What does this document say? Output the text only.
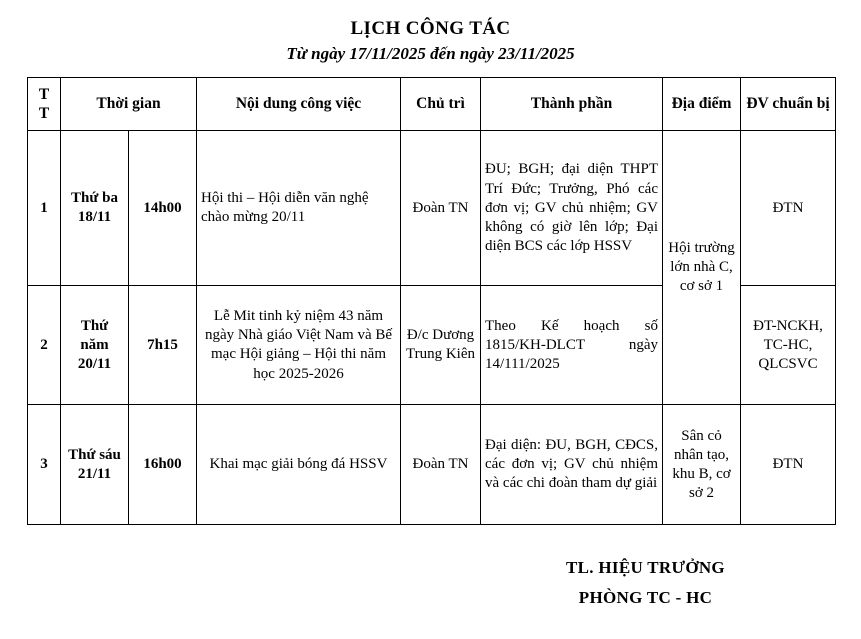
LỊCH CÔNG TÁC
Từ ngày 17/11/2025 đến ngày 23/11/2025
T
T	Thời gian		Nội dung công việc	Chủ trì	Thành phần	Địa điểm	ĐV chuẩn bị
1	Thứ ba 18/11	14h00	Hội thi – Hội diễn văn nghệ chào mừng 20/11	Đoàn TN	ĐU; BGH; đại diện THPT Trí Đức; Trưởng, Phó các đơn vị; GV chủ nhiệm; GV không có giờ lên lớp; Đại diện BCS các lớp HSSV	Hội trường lớn nhà C, cơ sở 1	ĐTN
2	Thứ năm 20/11	7h15	Lễ Mit tinh kỷ niệm 43 năm ngày Nhà giáo Việt Nam và Bế mạc Hội giảng – Hội thi năm học 2025-2026	Đ/c Dương Trung Kiên	Theo Kế hoạch số 1815/KH-DLCT ngày 14/111/2025		ĐT-NCKH, TC-HC, QLCSVC
3	Thứ sáu 21/11	16h00	Khai mạc giải bóng đá HSSV	Đoàn TN	Đại diện: ĐU, BGH, CĐCS, các đơn vị; GV chủ nhiệm và các chi đoàn tham dự giải	Sân cỏ nhân tạo, khu B, cơ sở 2	ĐTN
TL. HIỆU TRƯỞNG
PHÒNG TC - HC
